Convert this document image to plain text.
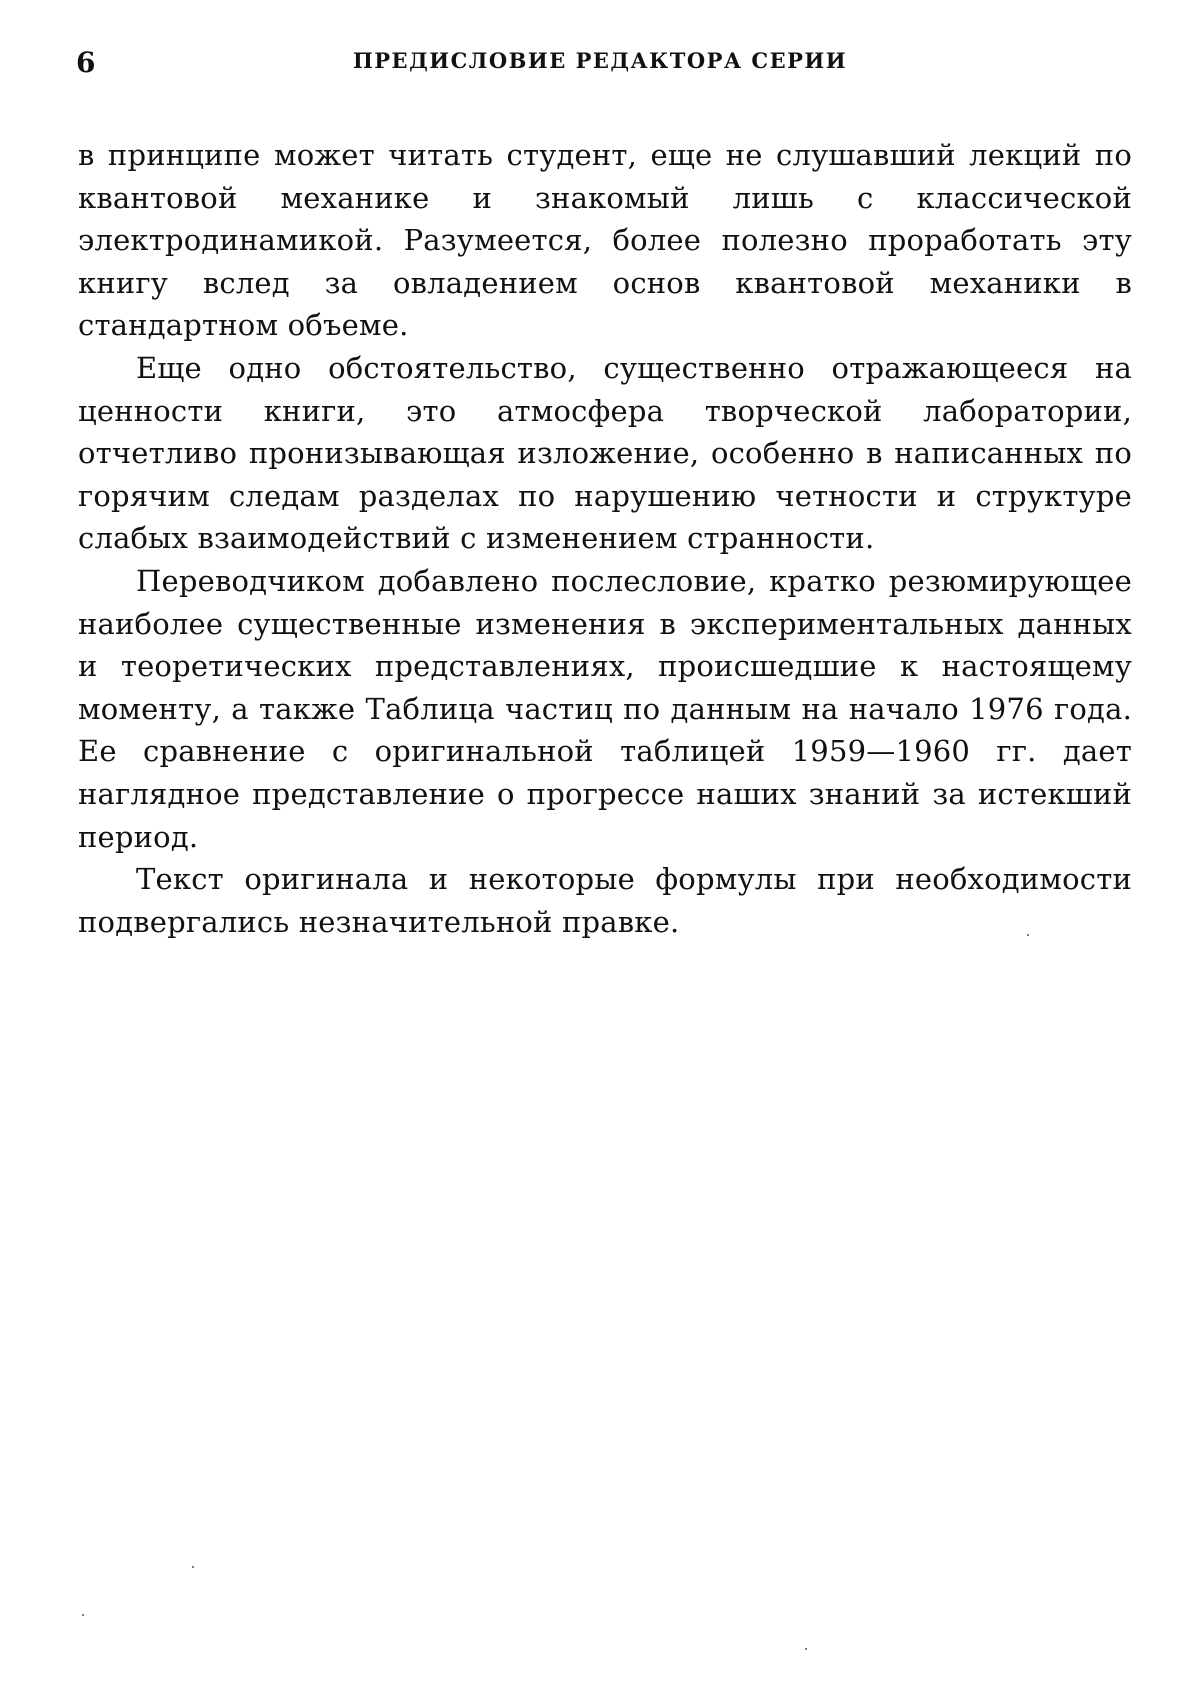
6	ПРЕДИСЛОВИЕ РЕДАКТОРА СЕРИИ

в принципе может читать студент, еще не слушавший лекций по квантовой механике и знакомый лишь с классической электродинамикой. Разумеется, более полезно проработать эту книгу вслед за овладением основ квантовой механики в стандартном объеме.

Еще одно обстоятельство, существенно отражающееся на ценности книги, это атмосфера творческой лаборатории, отчетливо пронизывающая изложение, особенно в написанных по горячим следам разделах по нарушению четности и структуре слабых взаимодействий с изменением странности.

Переводчиком добавлено послесловие, кратко резюмирующее наиболее существенные изменения в экспериментальных данных и теоретических представлениях, происшедшие к настоящему моменту, а также Таблица частиц по данным на начало 1976 года. Ее сравнение с оригинальной таблицей 1959—1960 гг. дает наглядное представление о прогрессе наших знаний за истекший период.

Текст оригинала и некоторые формулы при необходимости подвергались незначительной правке.
